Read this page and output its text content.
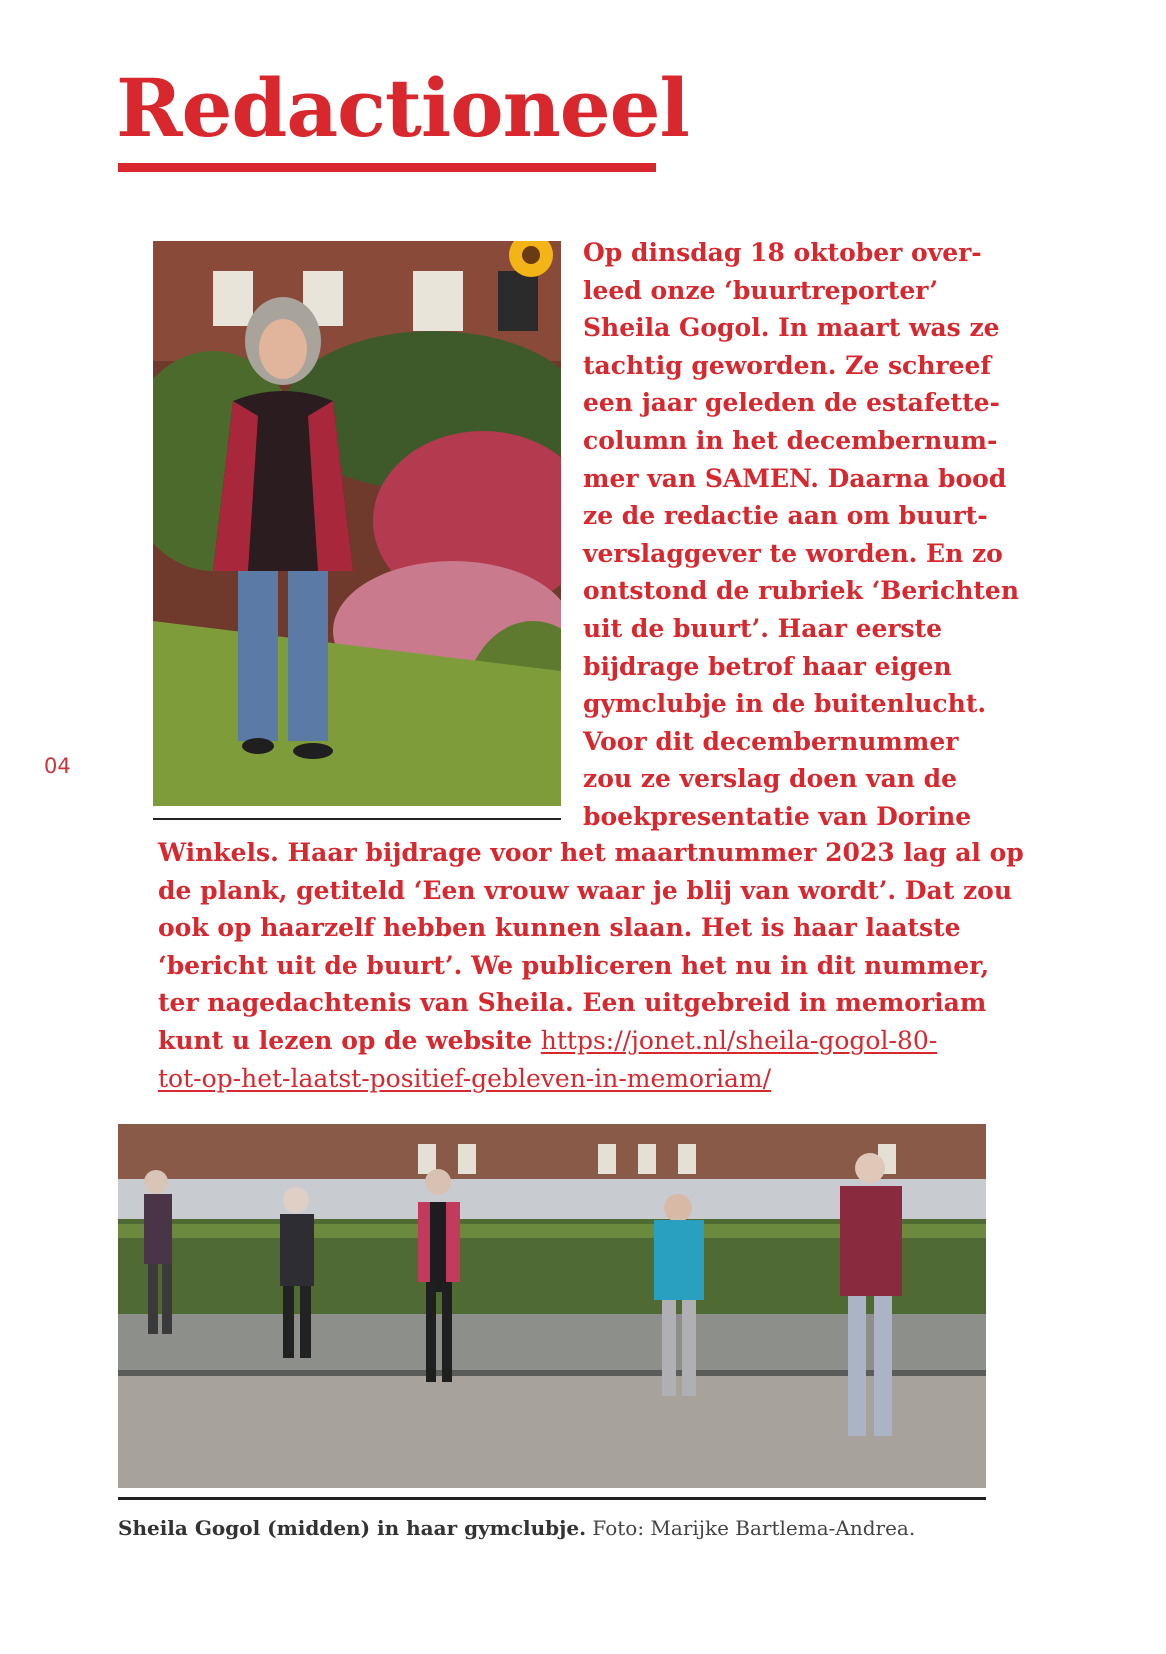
Redactioneel
04
Op dinsdag 18 oktober over-
leed onze ‘buurtreporter’
Sheila Gogol. In maart was ze
tachtig geworden. Ze schreef
een jaar geleden de estafette-
column in het decembernum-
mer van SAMEN. Daarna bood
ze de redactie aan om buurt-
verslaggever te worden. En zo
ontstond de rubriek ‘Berichten
uit de buurt’. Haar eerste
bijdrage betrof haar eigen
gymclubje in de buitenlucht.
Voor dit decembernummer
zou ze verslag doen van de
boekpresentatie van Dorine
Winkels. Haar bijdrage voor het maartnummer 2023 lag al op
de plank, getiteld ‘Een vrouw waar je blij van wordt’. Dat zou
ook op haarzelf hebben kunnen slaan. Het is haar laatste
‘bericht uit de buurt’. We publiceren het nu in dit nummer,
ter nagedachtenis van Sheila. Een uitgebreid in memoriam
kunt u lezen op de website https://jonet.nl/sheila-gogol-80-
tot-op-het-laatst-positief-gebleven-in-memoriam/
Sheila Gogol (midden) in haar gymclubje. Foto: Marijke Bartlema-Andrea.
